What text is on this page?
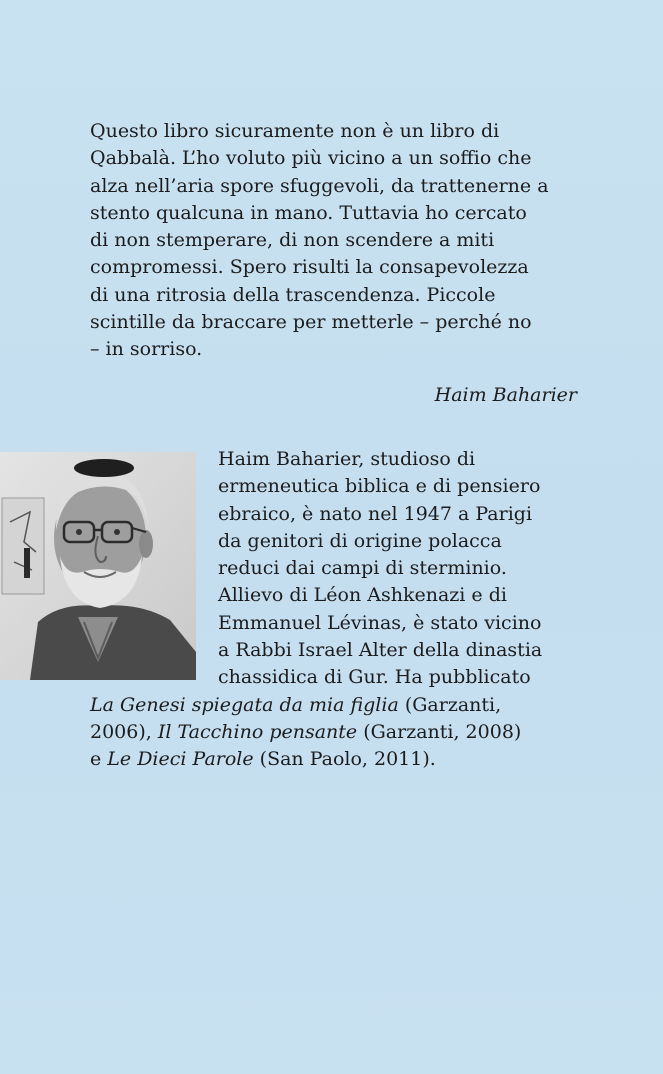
Questo libro sicuramente non è un libro di
Qabbalà. L’ho voluto più vicino a un soffio che
alza nell’aria spore sfuggevoli, da trattenerne a
stento qualcuna in mano. Tuttavia ho cercato
di non stemperare, di non scendere a miti
compromessi. Spero risulti la consapevolezza
di una ritrosia della trascendenza. Piccole
scintille da braccare per metterle – perché no
– in sorriso.
Haim Baharier
Haim Baharier, studioso di
ermeneutica biblica e di pensiero
ebraico, è nato nel 1947 a Parigi
da genitori di origine polacca
reduci dai campi di sterminio.
Allievo di Léon Ashkenazi e di
Emmanuel Lévinas, è stato vicino
a Rabbi Israel Alter della dinastia
chassidica di Gur. Ha pubblicato
La Genesi spiegata da mia figlia (Garzanti,
2006), Il Tacchino pensante (Garzanti, 2008)
e Le Dieci Parole (San Paolo, 2011).
